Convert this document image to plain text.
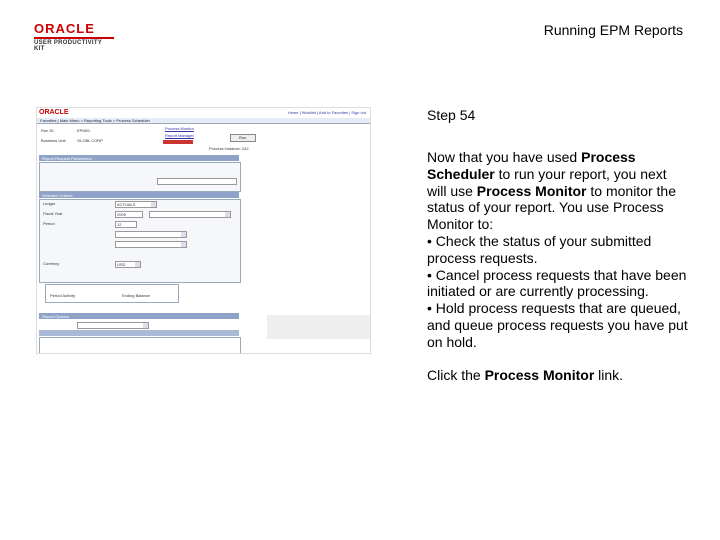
ORACLE
USER PRODUCTIVITY KIT
Running EPM Reports
ORACLE	Home | Worklist | Add to Favorites | Sign out
Favorites | Main Menu > Reporting Tools > Process Scheduler
Run ID:	EPM01
Business Unit:	GLOBL CORP
Process Monitor
Report Manager	Run
Process Instance: 242
Report Request Parameters
Selection Criteria
Ledger	ACTUALS
Fiscal Year	2009
Period	12
Currency	USD
Period Activity	Ending Balance
Report Options
Step 54

Now that you have used Process Scheduler to run your report, you next will use Process Monitor to monitor the status of your report. You use Process Monitor to:

• Check the status of your submitted process requests.

• Cancel process requests that have been initiated or are currently processing.

• Hold process requests that are queued, and queue process requests you have put on hold.

Click the Process Monitor link.
